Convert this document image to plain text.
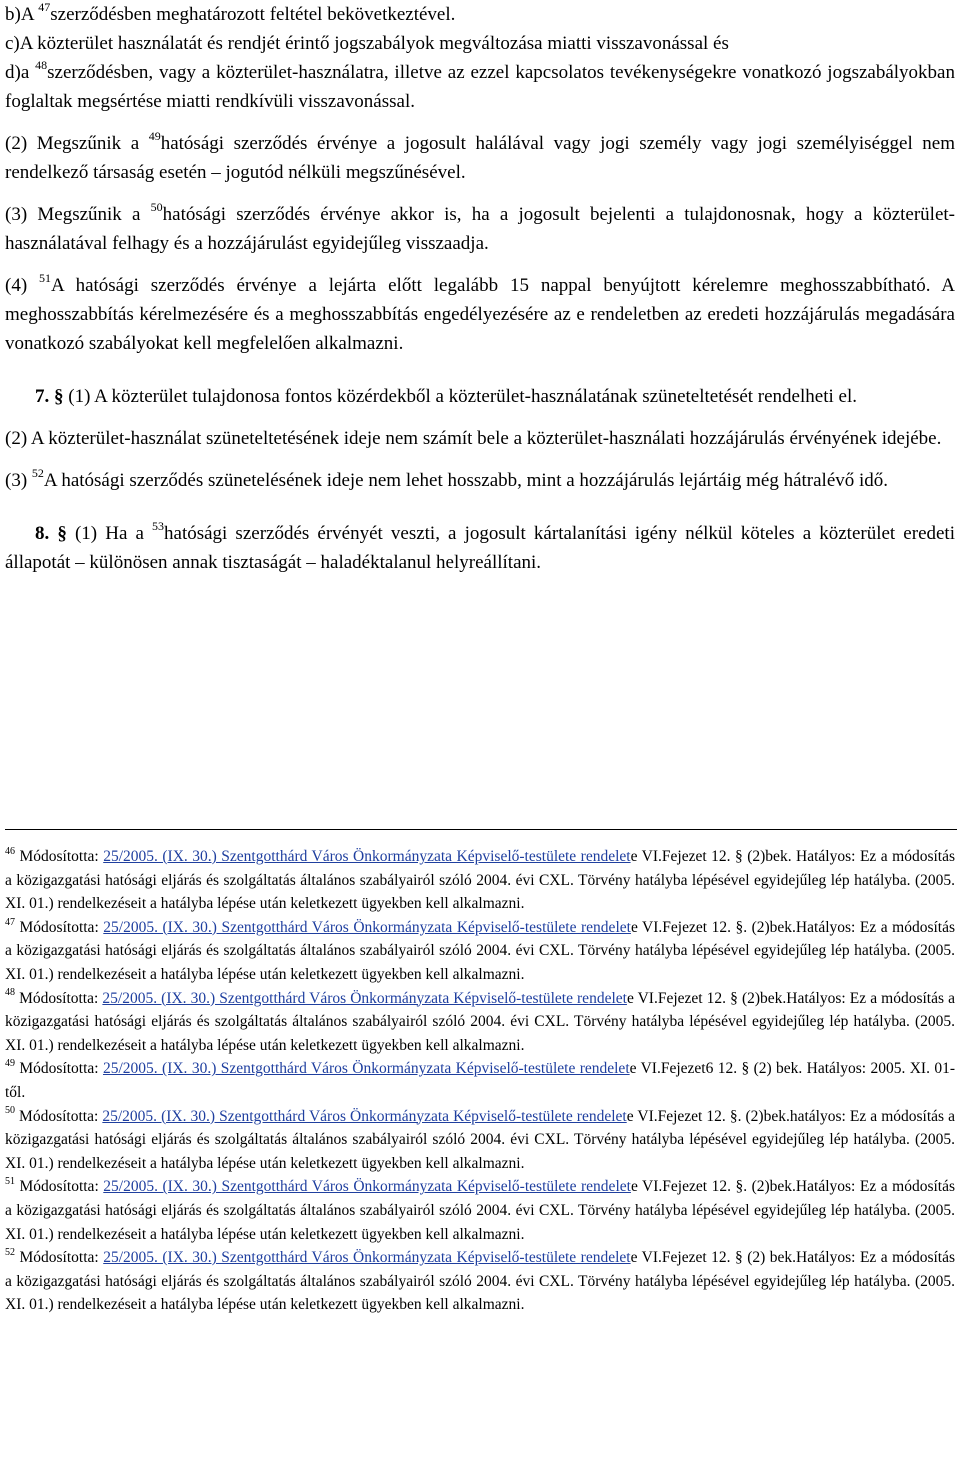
b)A $^{47}$szerződésben meghatározott feltétel bekövetkeztével.

c)A közterület használatát és rendjét érintő jogszabályok megváltozása miatti visszavonással és

d)a $^{48}$szerződésben, vagy a közterület-használatra, illetve az ezzel kapcsolatos tevékenységekre vonatkozó jogszabályokban foglaltak megsértése miatti rendkívüli visszavonással.

(2) Megszűnik a $^{49}$hatósági szerződés érvénye a jogosult halálával vagy jogi személy vagy jogi személyiséggel nem rendelkező társaság esetén – jogutód nélküli megszűnésével.

(3) Megszűnik a $^{50}$hatósági szerződés érvénye akkor is, ha a jogosult bejelenti a tulajdonosnak, hogy a közterület-használatával felhagy és a hozzájárulást egyidejűleg visszaadja.

(4) $^{51}$A hatósági szerződés érvénye a lejárta előtt legalább 15 nappal benyújtott kérelemre meghosszabbítható. A meghosszabbítás kérelmezésére és a meghosszabbítás engedélyezésére az e rendeletben az eredeti hozzájárulás megadására vonatkozó szabályokat kell megfelelően alkalmazni.

7. § (1) A közterület tulajdonosa fontos közérdekből a közterület-használatának szüneteltetését rendelheti el.

(2) A közterület-használat szüneteltetésének ideje nem számít bele a közterület-használati hozzájárulás érvényének idejébe.

(3) $^{52}$A hatósági szerződés szünetelésének ideje nem lehet hosszabb, mint a hozzájárulás lejártáig még hátralévő idő.

8. § (1) Ha a $^{53}$hatósági szerződés érvényét veszti, a jogosult kártalanítási igény nélkül köteles a közterület eredeti állapotát – különösen annak tisztaságát – haladéktalanul helyreállítani.

$^{46}$ Módosította: 25/2005. (IX. 30.) Szentgotthárd Város Önkormányzata Képviselő-testülete rendelete VI.Fejezet 12. § (2)bek. Hatályos: Ez a módosítás a közigazgatási hatósági eljárás és szolgáltatás általános szabályairól szóló 2004. évi CXL. Törvény hatályba lépésével egyidejűleg lép hatályba. (2005. XI. 01.) rendelkezéseit a hatályba lépése után keletkezett ügyekben kell alkalmazni.

$^{47}$ Módosította: 25/2005. (IX. 30.) Szentgotthárd Város Önkormányzata Képviselő-testülete rendelete VI.Fejezet 12. §. (2)bek.Hatályos: Ez a módosítás a közigazgatási hatósági eljárás és szolgáltatás általános szabályairól szóló 2004. évi CXL. Törvény hatályba lépésével egyidejűleg lép hatályba. (2005. XI. 01.) rendelkezéseit a hatályba lépése után keletkezett ügyekben kell alkalmazni.

$^{48}$ Módosította: 25/2005. (IX. 30.) Szentgotthárd Város Önkormányzata Képviselő-testülete rendelete VI.Fejezet 12. § (2)bek.Hatályos: Ez a módosítás a közigazgatási hatósági eljárás és szolgáltatás általános szabályairól szóló 2004. évi CXL. Törvény hatályba lépésével egyidejűleg lép hatályba. (2005. XI. 01.) rendelkezéseit a hatályba lépése után keletkezett ügyekben kell alkalmazni.

$^{49}$ Módosította: 25/2005. (IX. 30.) Szentgotthárd Város Önkormányzata Képviselő-testülete rendelete VI.Fejezet6 12. § (2) bek. Hatályos: 2005. XI. 01-től.

$^{50}$ Módosította: 25/2005. (IX. 30.) Szentgotthárd Város Önkormányzata Képviselő-testülete rendelete VI.Fejezet 12. §. (2)bek.hatályos: Ez a módosítás a közigazgatási hatósági eljárás és szolgáltatás általános szabályairól szóló 2004. évi CXL. Törvény hatályba lépésével egyidejűleg lép hatályba. (2005. XI. 01.) rendelkezéseit a hatályba lépése után keletkezett ügyekben kell alkalmazni.

$^{51}$ Módosította: 25/2005. (IX. 30.) Szentgotthárd Város Önkormányzata Képviselő-testülete rendelete VI.Fejezet 12. §. (2)bek.Hatályos: Ez a módosítás a közigazgatási hatósági eljárás és szolgáltatás általános szabályairól szóló 2004. évi CXL. Törvény hatályba lépésével egyidejűleg lép hatályba. (2005. XI. 01.) rendelkezéseit a hatályba lépése után keletkezett ügyekben kell alkalmazni.

$^{52}$ Módosította: 25/2005. (IX. 30.) Szentgotthárd Város Önkormányzata Képviselő-testülete rendelete VI.Fejezet 12. § (2) bek.Hatályos: Ez a módosítás a közigazgatási hatósági eljárás és szolgáltatás általános szabályairól szóló 2004. évi CXL. Törvény hatályba lépésével egyidejűleg lép hatályba. (2005. XI. 01.) rendelkezéseit a hatályba lépése után keletkezett ügyekben kell alkalmazni.
